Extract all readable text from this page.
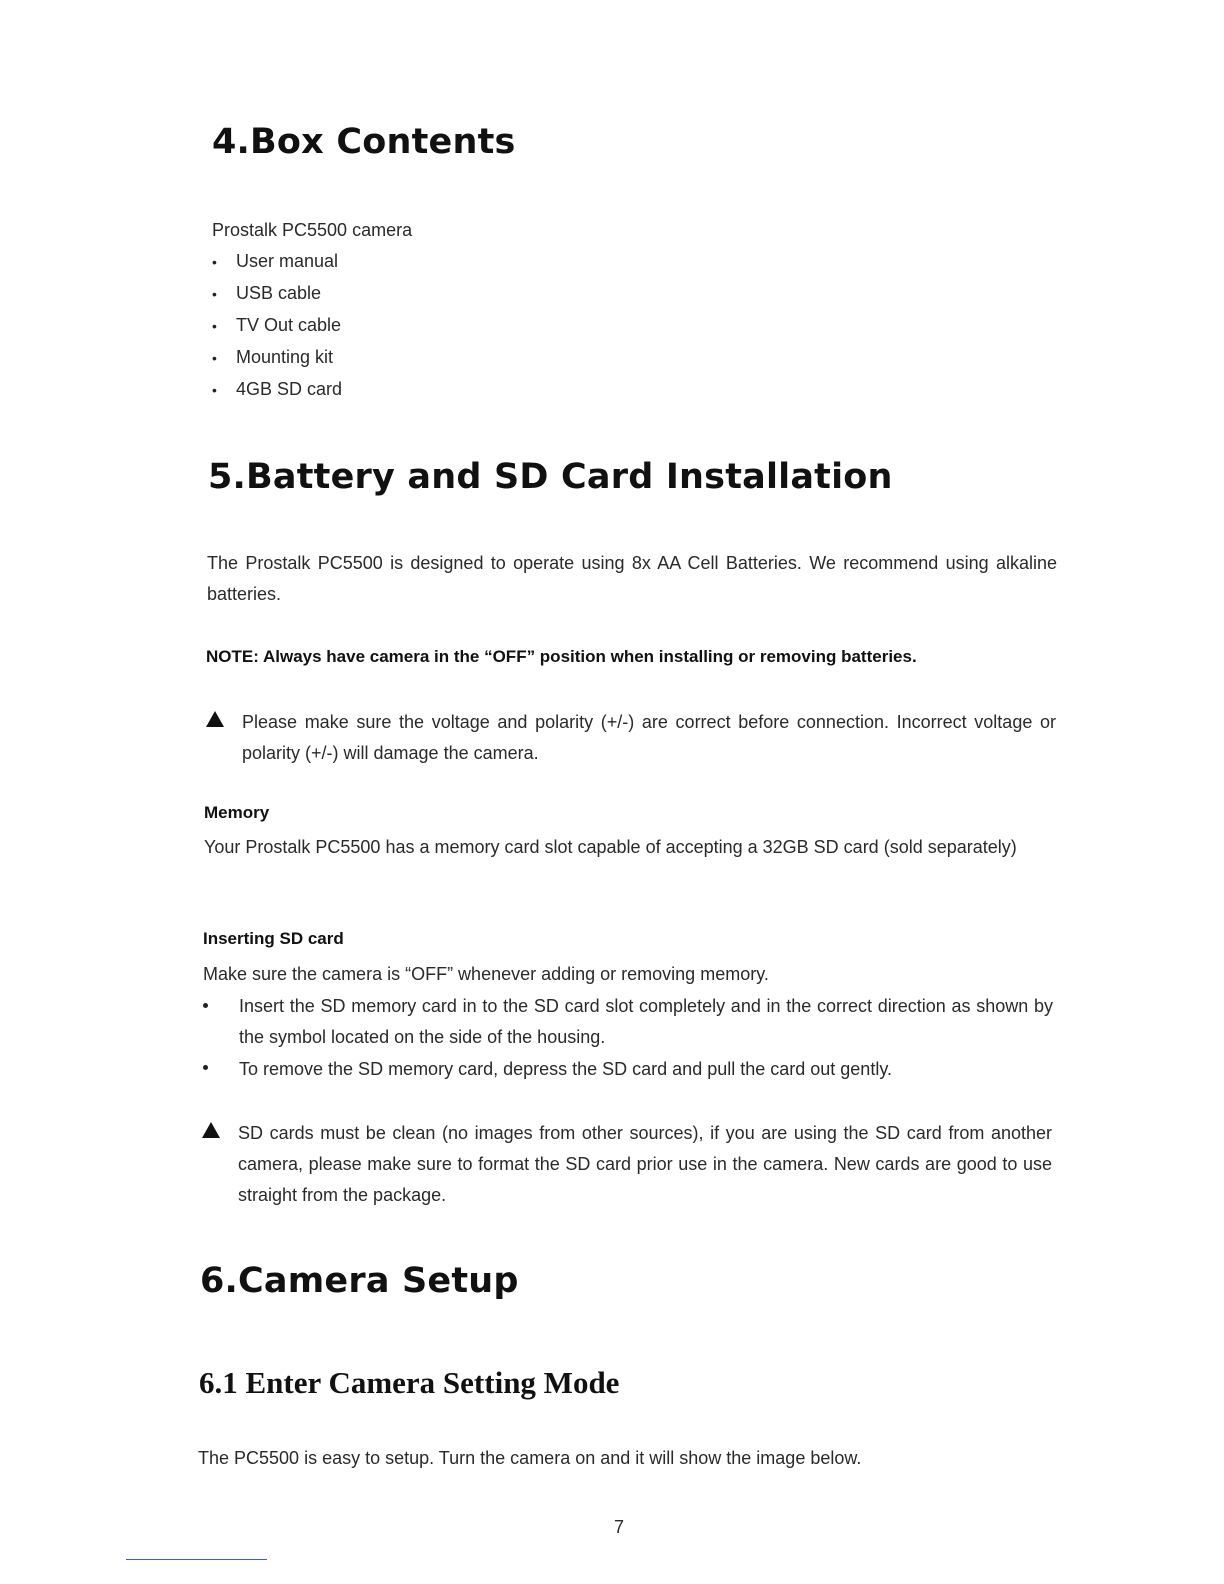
4.Box Contents
Prostalk PC5500 camera
• User manual
• USB cable
• TV Out cable
• Mounting kit
• 4GB SD card
5.Battery and SD Card Installation
The Prostalk PC5500 is designed to operate using 8x AA Cell Batteries. We recommend using alkaline batteries.
NOTE: Always have camera in the “OFF” position when installing or removing batteries.
Please make sure the voltage and polarity (+/-) are correct before connection. Incorrect voltage or polarity (+/-) will damage the camera.
Memory
Your Prostalk PC5500 has a memory card slot capable of accepting a 32GB SD card (sold separately)
Inserting SD card
Make sure the camera is “OFF” whenever adding or removing memory.
Insert the SD memory card in to the SD card slot completely and in the correct direction as shown by the symbol located on the side of the housing.
To remove the SD memory card, depress the SD card and pull the card out gently.
SD cards must be clean (no images from other sources), if you are using the SD card from another camera, please make sure to format the SD card prior use in the camera. New cards are good to use straight from the package.
6.Camera Setup
6.1 Enter Camera Setting Mode
The PC5500 is easy to setup. Turn the camera on and it will show the image below.
7
